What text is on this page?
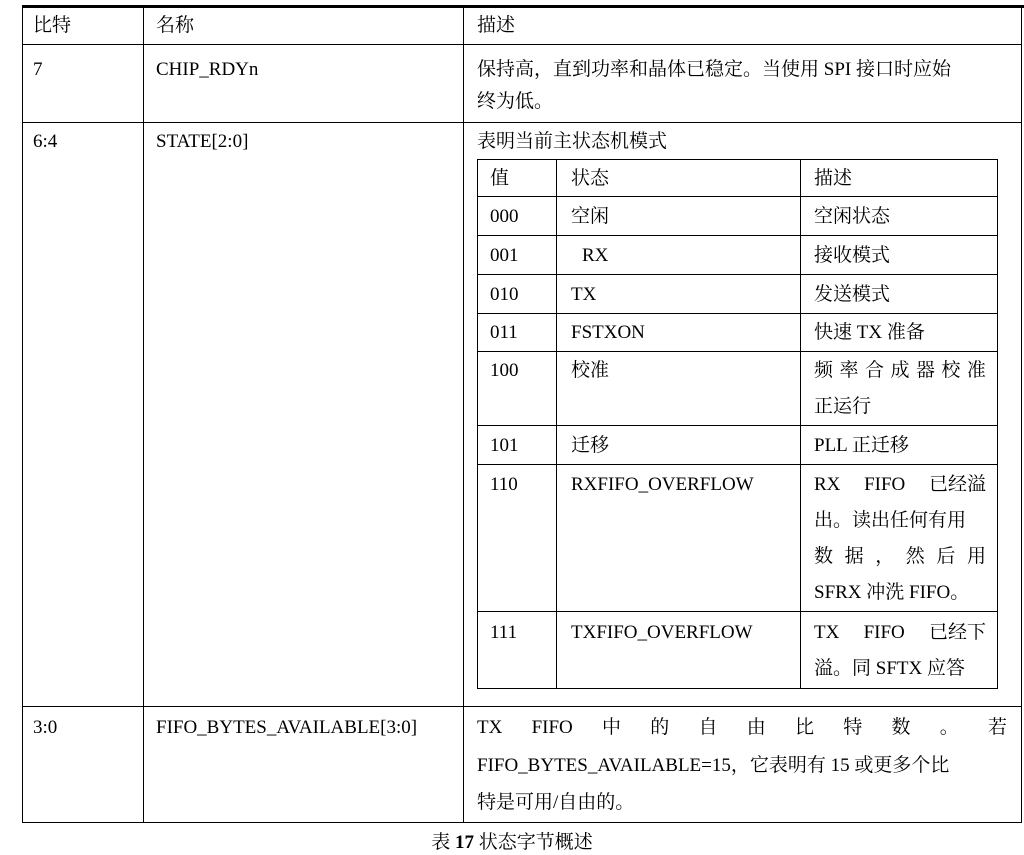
比特	名称	描述
7	CHIP_RDYn	保持高，直到功率和晶体已稳定。当使用 SPI 接口时应始
终为低。
6:4	STATE[2:0]	表明当前主状态机模式
值	状态	描述
000	空闲	空闲状态
001	RX	接收模式
010	TX	发送模式
011	FSTXON	快速 TX 准备
100	校准	频 率 合 成 器 校 准
正运行
101	迁移	PLL 正迁移
110	RXFIFO_OVERFLOW	RX FIFO 已经溢
出。读出任何有用
数 据 ， 然 后 用
SFRX 冲洗 FIFO。
111	TXFIFO_OVERFLOW	TX FIFO 已经下
溢。同 SFTX 应答
3:0	FIFO_BYTES_AVAILABLE[3:0]	TX FIFO 中 的 自 由 比 特 数 。 若
FIFO_BYTES_AVAILABLE=15，它表明有 15 或更多个比
特是可用/自由的。
表 17 状态字节概述
